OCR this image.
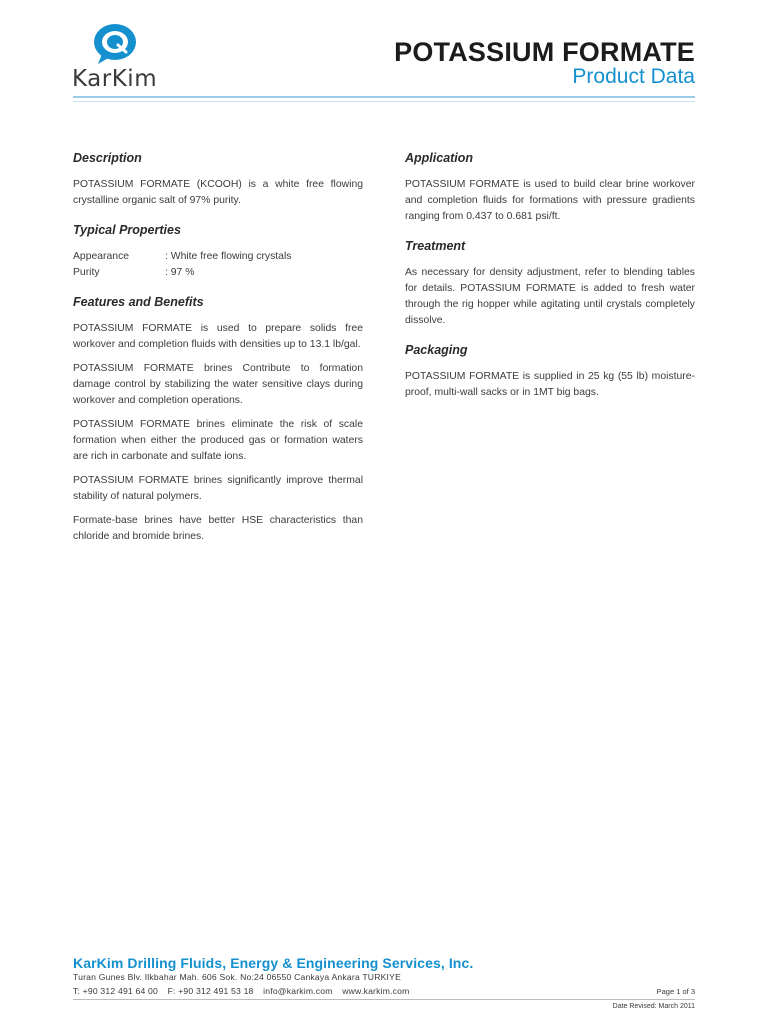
KarKim
POTASSIUM FORMATE
Product Data
Description

POTASSIUM FORMATE (KCOOH) is a white free flowing crystalline organic salt of 97% purity.

Typical Properties
Appearance	: White free flowing crystals
Purity	: 97 %
Features and Benefits

POTASSIUM FORMATE is used to prepare solids free workover and completion fluids with densities up to 13.1 lb/gal.

POTASSIUM FORMATE brines Contribute to formation damage control by stabilizing the water sensitive clays during workover and completion operations.

POTASSIUM FORMATE brines eliminate the risk of scale formation when either the produced gas or formation waters are rich in carbonate and sulfate ions.

POTASSIUM FORMATE brines significantly improve thermal stability of natural polymers.

Formate-base brines have better HSE characteristics than chloride and bromide brines.

Application

POTASSIUM FORMATE is used to build clear brine workover and completion fluids for formations with pressure gradients ranging from 0.437 to 0.681 psi/ft.

Treatment

As necessary for density adjustment, refer to blending tables for details. POTASSIUM FORMATE is added to fresh water through the rig hopper while agitating until crystals completely dissolve.

Packaging

POTASSIUM FORMATE is supplied in 25 kg (55 lb) moisture-proof, multi-wall sacks or in 1MT big bags.

KarKim Drilling Fluids, Energy & Engineering Services, Inc.
Turan Gunes Blv. Ilkbahar Mah. 606 Sok. No:24 06550 Cankaya Ankara TURKIYE
T: +90 312 491 64 00 F: +90 312 491 53 18 info@karkim.com www.karkim.com	Page 1 of 3
Date Revised: March 2011
